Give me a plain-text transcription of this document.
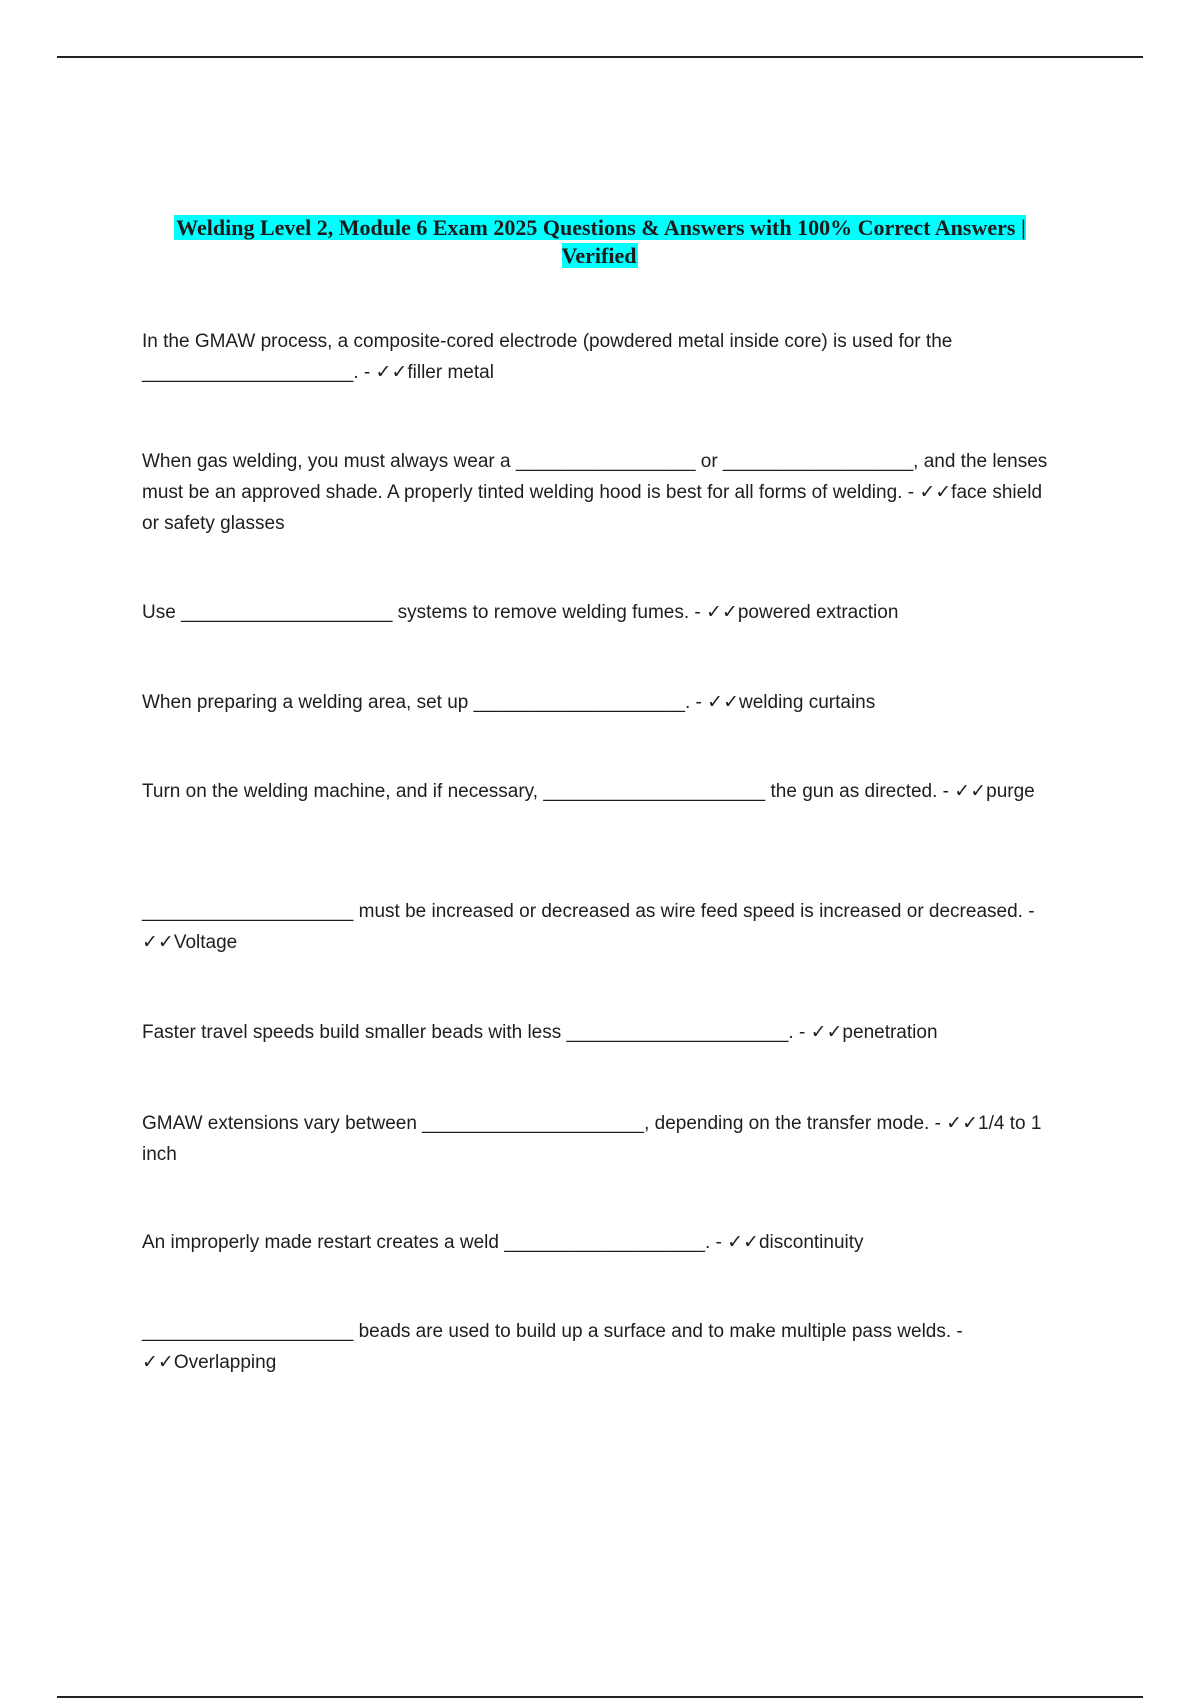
Welding Level 2, Module 6 Exam 2025 Questions & Answers with 100% Correct Answers | Verified
In the GMAW process, a composite-cored electrode (powdered metal inside core) is used for the ____________________. - ✓✓filler metal
When gas welding, you must always wear a _________________ or __________________, and the lenses must be an approved shade. A properly tinted welding hood is best for all forms of welding. - ✓✓face shield or safety glasses
Use ____________________ systems to remove welding fumes. - ✓✓powered extraction
When preparing a welding area, set up ____________________. - ✓✓welding curtains
Turn on the welding machine, and if necessary, _____________________ the gun as directed. - ✓✓purge
____________________ must be increased or decreased as wire feed speed is increased or decreased. - ✓✓Voltage
Faster travel speeds build smaller beads with less _____________________. - ✓✓penetration
GMAW extensions vary between _____________________, depending on the transfer mode. - ✓✓1/4 to 1 inch
An improperly made restart creates a weld ___________________. - ✓✓discontinuity
____________________ beads are used to build up a surface and to make multiple pass welds. - ✓✓Overlapping
